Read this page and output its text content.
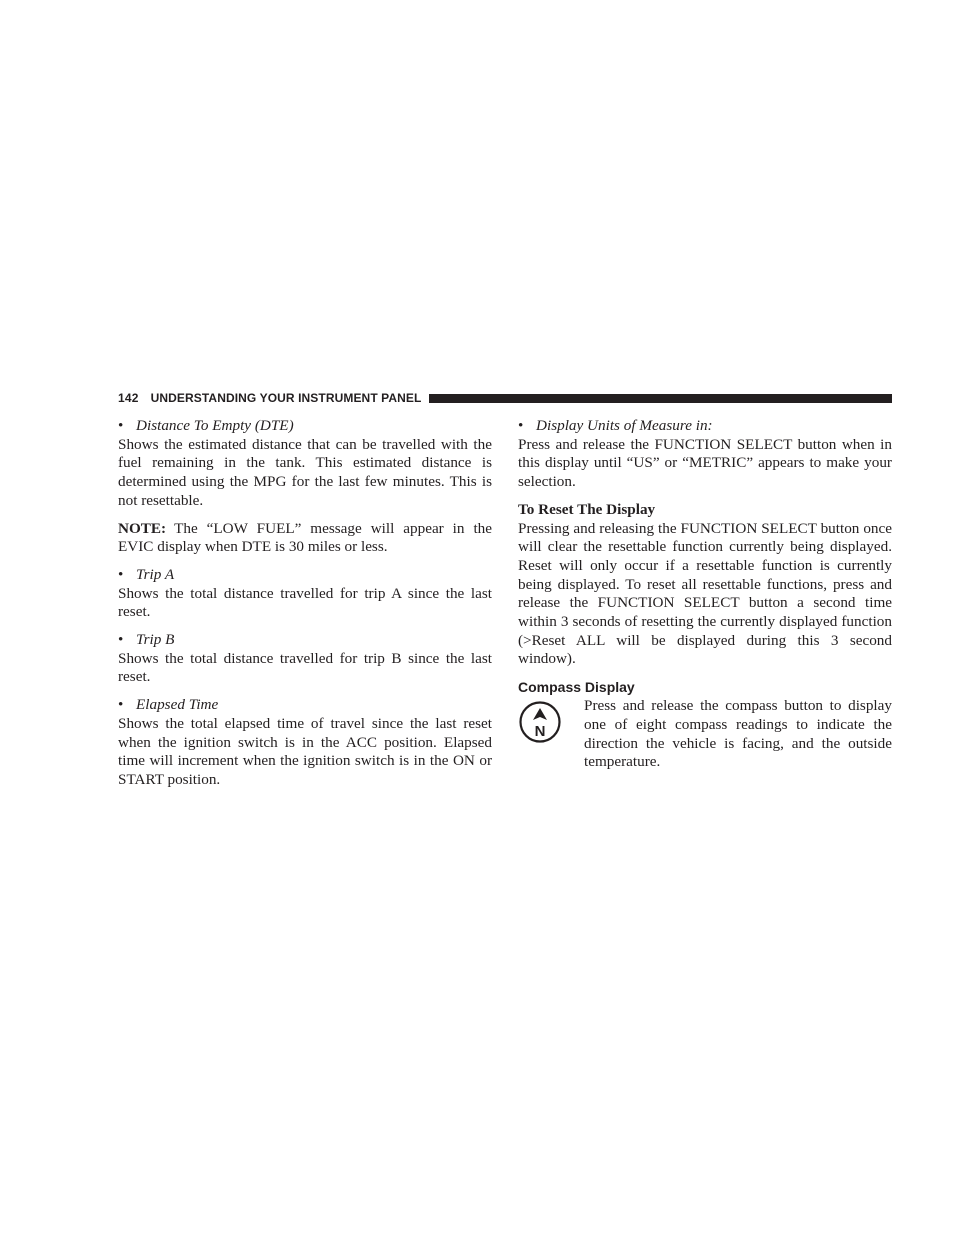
142 UNDERSTANDING YOUR INSTRUMENT PANEL
• Distance To Empty (DTE)

Shows the estimated distance that can be travelled with the fuel remaining in the tank. This estimated distance is determined using the MPG for the last few minutes. This is not resettable.

NOTE: The “LOW FUEL” message will appear in the EVIC display when DTE is 30 miles or less.

• Trip A

Shows the total distance travelled for trip A since the last reset.

• Trip B

Shows the total distance travelled for trip B since the last reset.

• Elapsed Time

Shows the total elapsed time of travel since the last reset when the ignition switch is in the ACC position. Elapsed time will increment when the ignition switch is in the ON or START position.

• Display Units of Measure in:

Press and release the FUNCTION SELECT button when in this display until “US” or “METRIC” appears to make your selection.

To Reset The Display

Pressing and releasing the FUNCTION SELECT button once will clear the resettable function currently being displayed. Reset will only occur if a resettable function is currently being displayed. To reset all resettable functions, press and release the FUNCTION SELECT button a second time within 3 seconds of resetting the currently displayed function (>Reset ALL will be displayed during this 3 second window).

Compass Display
N

Press and release the compass button to display one of eight compass readings to indicate the direction the vehicle is facing, and the outside temperature.
